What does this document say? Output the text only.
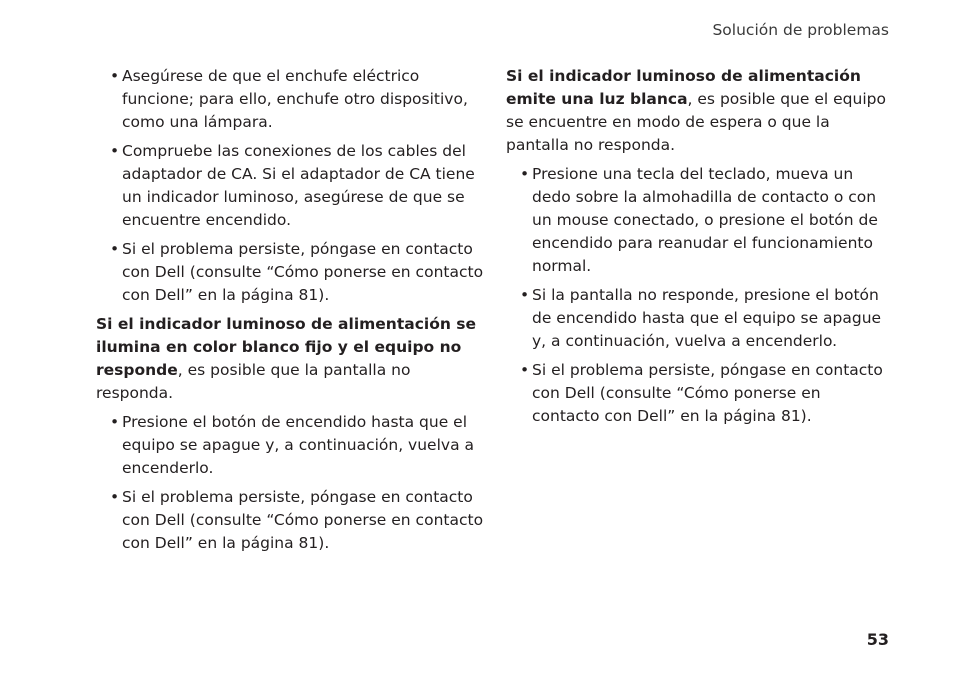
Solución de problemas
• Asegúrese de que el enchufe eléctrico funcione; para ello, enchufe otro dispositivo, como una lámpara.
• Compruebe las conexiones de los cables del adaptador de CA. Si el adaptador de CA tiene un indicador luminoso, asegúrese de que se encuentre encendido.
• Si el problema persiste, póngase en contacto con Dell (consulte “Cómo ponerse en contacto con Dell” en la página 81).

Si el indicador luminoso de alimentación se ilumina en color blanco fijo y el equipo no responde, es posible que la pantalla no responda.

• Presione el botón de encendido hasta que el equipo se apague y, a continuación, vuelva a encenderlo.
• Si el problema persiste, póngase en contacto con Dell (consulte “Cómo ponerse en contacto con Dell” en la página 81).

Si el indicador luminoso de alimentación emite una luz blanca, es posible que el equipo se encuentre en modo de espera o que la pantalla no responda.

• Presione una tecla del teclado, mueva un dedo sobre la almohadilla de contacto o con un mouse conectado, o presione el botón de encendido para reanudar el funcionamiento normal.
• Si la pantalla no responde, presione el botón de encendido hasta que el equipo se apague y, a continuación, vuelva a encenderlo.
• Si el problema persiste, póngase en contacto con Dell (consulte “Cómo ponerse en contacto con Dell” en la página 81).
53
